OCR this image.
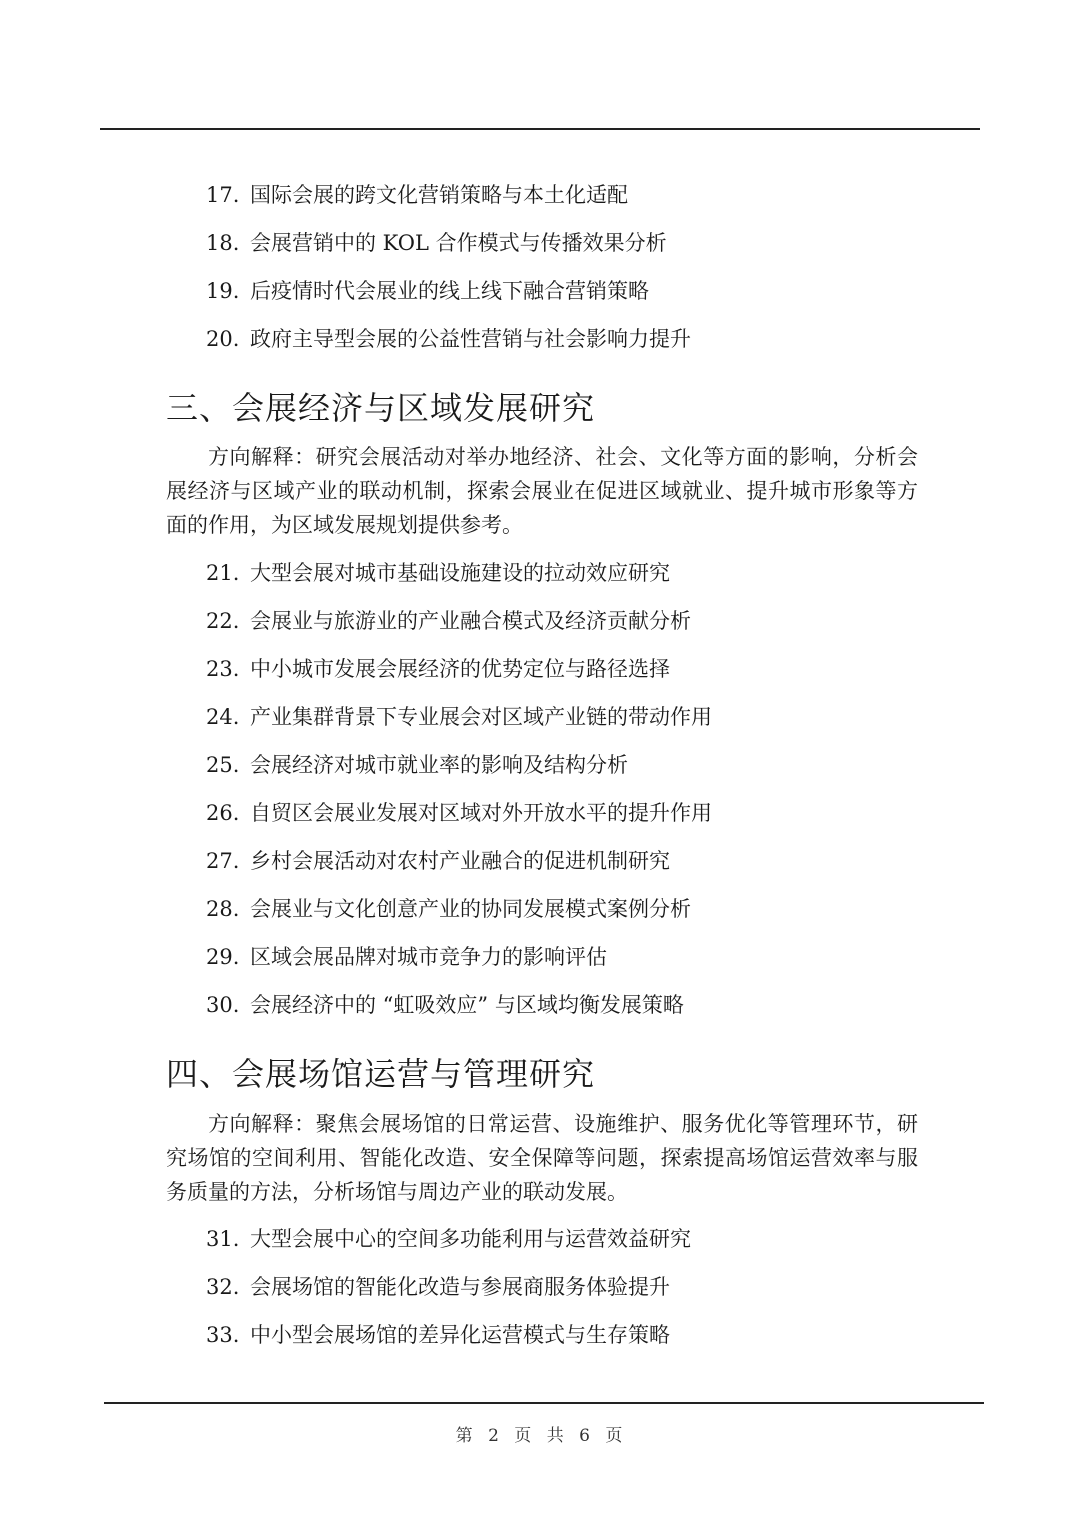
17. 国际会展的跨文化营销策略与本土化适配
18. 会展营销中的 KOL 合作模式与传播效果分析
19. 后疫情时代会展业的线上线下融合营销策略
20. 政府主导型会展的公益性营销与社会影响力提升
三、会展经济与区域发展研究
方向解释：研究会展活动对举办地经济、社会、文化等方面的影响，分析会展经济与区域产业的联动机制，探索会展业在促进区域就业、提升城市形象等方面的作用，为区域发展规划提供参考。
21. 大型会展对城市基础设施建设的拉动效应研究
22. 会展业与旅游业的产业融合模式及经济贡献分析
23. 中小城市发展会展经济的优势定位与路径选择
24. 产业集群背景下专业展会对区域产业链的带动作用
25. 会展经济对城市就业率的影响及结构分析
26. 自贸区会展业发展对区域对外开放水平的提升作用
27. 乡村会展活动对农村产业融合的促进机制研究
28. 会展业与文化创意产业的协同发展模式案例分析
29. 区域会展品牌对城市竞争力的影响评估
30. 会展经济中的 “虹吸效应” 与区域均衡发展策略
四、会展场馆运营与管理研究
方向解释：聚焦会展场馆的日常运营、设施维护、服务优化等管理环节，研究场馆的空间利用、智能化改造、安全保障等问题，探索提高场馆运营效率与服务质量的方法，分析场馆与周边产业的联动发展。
31. 大型会展中心的空间多功能利用与运营效益研究
32. 会展场馆的智能化改造与参展商服务体验提升
33. 中小型会展场馆的差异化运营模式与生存策略
第 2 页 共 6 页
